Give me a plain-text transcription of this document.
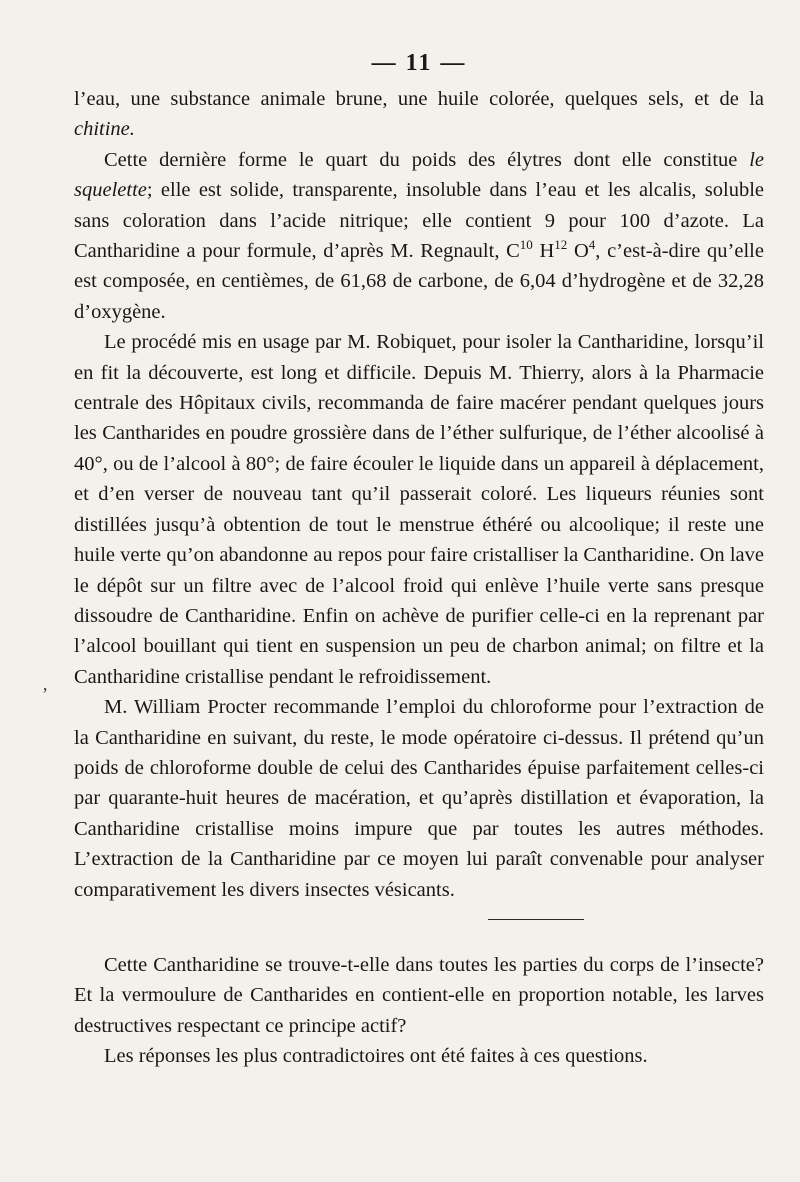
— 11 —

l’eau, une substance animale brune, une huile colorée, quelques sels, et de la chitine.

Cette dernière forme le quart du poids des élytres dont elle constitue le squelette; elle est solide, transparente, insoluble dans l’eau et les alcalis, soluble sans coloration dans l’acide nitrique; elle contient 9 pour 100 d’azote. La Cantharidine a pour formule, d’après M. Regnault, $C^{10}$ $H^{12}$ $O^4$, c’est-à-dire qu’elle est composée, en centièmes, de 61,68 de carbone, de 6,04 d’hydrogène et de 32,28 d’oxygène.

Le procédé mis en usage par M. Robiquet, pour isoler la Cantharidine, lorsqu’il en fit la découverte, est long et difficile. Depuis M. Thierry, alors à la Pharmacie centrale des Hôpitaux civils, recommanda de faire macérer pendant quelques jours les Cantharides en poudre grossière dans de l’éther sulfurique, de l’éther alcoolisé à 40°, ou de l’alcool à 80°; de faire écouler le liquide dans un appareil à déplacement, et d’en verser de nouveau tant qu’il passerait coloré. Les liqueurs réunies sont distillées jusqu’à obtention de tout le menstrue éthéré ou alcoolique; il reste une huile verte qu’on abandonne au repos pour faire cristalliser la Cantharidine. On lave le dépôt sur un filtre avec de l’alcool froid qui enlève l’huile verte sans presque dissoudre de Cantharidine. Enfin on achève de purifier celle-ci en la reprenant par l’alcool bouillant qui tient en suspension un peu de charbon animal; on filtre et la Cantharidine cristallise pendant le refroidissement.

M. William Procter recommande l’emploi du chloroforme pour l’extraction de la Cantharidine en suivant, du reste, le mode opératoire ci-dessus. Il prétend qu’un poids de chloroforme double de celui des Cantharides épuise parfaitement celles-ci par quarante-huit heures de macération, et qu’après distillation et évaporation, la Cantharidine cristallise moins impure que par toutes les autres méthodes. L’extraction de la Cantharidine par ce moyen lui paraît convenable pour analyser comparativement les divers insectes vésicants.

Cette Cantharidine se trouve-t-elle dans toutes les parties du corps de l’insecte? Et la vermoulure de Cantharides en contient-elle en proportion notable, les larves destructives respectant ce principe actif?

Les réponses les plus contradictoires ont été faites à ces questions.

ʼ
